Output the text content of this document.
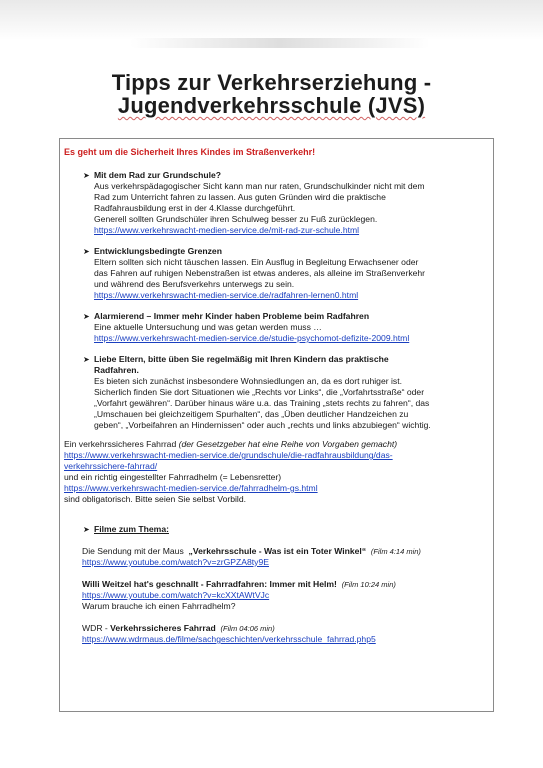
Tipps zur Verkehrserziehung -
Jugendverkehrsschule (JVS)
Es geht um die Sicherheit Ihres Kindes im Straßenverkehr!
➤ Mit dem Rad zur Grundschule?
Aus verkehrspädagogischer Sicht kann man nur raten, Grundschulkinder nicht mit dem
Rad zum Unterricht fahren zu lassen. Aus guten Gründen wird die praktische
Radfahrausbildung erst in der 4.Klasse durchgeführt.
Generell sollten Grundschüler ihren Schulweg besser zu Fuß zurücklegen.
https://www.verkehrswacht-medien-service.de/mit-rad-zur-schule.html
➤ Entwicklungsbedingte Grenzen
Eltern sollten sich nicht täuschen lassen. Ein Ausflug in Begleitung Erwachsener oder
das Fahren auf ruhigen Nebenstraßen ist etwas anderes, als alleine im Straßenverkehr
und während des Berufsverkehrs unterwegs zu sein.
https://www.verkehrswacht-medien-service.de/radfahren-lernen0.html
➤ Alarmierend – Immer mehr Kinder haben Probleme beim Radfahren
Eine aktuelle Untersuchung und was getan werden muss …
https://www.verkehrswacht-medien-service.de/studie-psychomot-defizite-2009.html
➤ Liebe Eltern, bitte üben Sie regelmäßig mit Ihren Kindern das praktische
Radfahren.
Es bieten sich zunächst insbesondere Wohnsiedlungen an, da es dort ruhiger ist.
Sicherlich finden Sie dort Situationen wie „Rechts vor Links“, die „Vorfahrtsstraße“ oder
„Vorfahrt gewähren“. Darüber hinaus wäre u.a. das Training „stets rechts zu fahren“, das
„Umschauen bei gleichzeitigem Spurhalten“, das „Üben deutlicher Handzeichen zu
geben“, „Vorbeifahren an Hindernissen“ oder auch „rechts und links abzubiegen“ wichtig.
Ein verkehrssicheres Fahrrad (der Gesetzgeber hat eine Reihe von Vorgaben gemacht)
https://www.verkehrswacht-medien-service.de/grundschule/die-radfahrausbildung/das-
verkehrssichere-fahrrad/
und ein richtig eingestellter Fahrradhelm (= Lebensretter)
https://www.verkehrswacht-medien-service.de/fahrradhelm-gs.html
sind obligatorisch. Bitte seien Sie selbst Vorbild.
➤ Filme zum Thema:
Die Sendung mit der Maus „Verkehrsschule - Was ist ein Toter Winkel“ (Film 4:14 min)
https://www.youtube.com/watch?v=zrGPZA8ty9E
Willi Weitzel hat's geschnallt - Fahrradfahren: Immer mit Helm! (Film 10:24 min)
https://www.youtube.com/watch?v=kcXXtAWtVJc
Warum brauche ich einen Fahrradhelm?
WDR - Verkehrssicheres Fahrrad (Film 04:06 min)
https://www.wdrmaus.de/filme/sachgeschichten/verkehrsschule_fahrrad.php5
